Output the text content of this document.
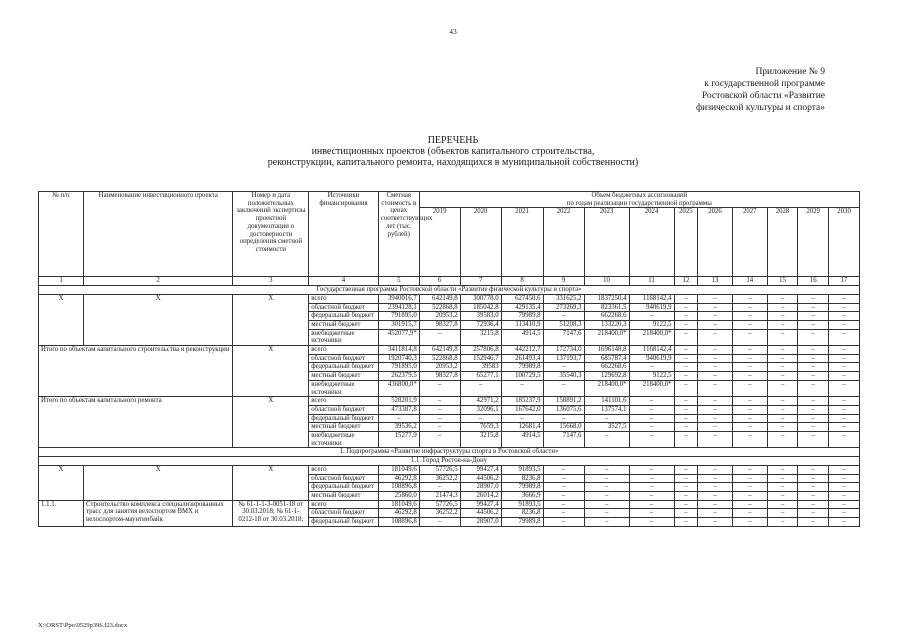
43
Приложение № 9
к государственной программе
Ростовской области «Развитие
физической культуры и спорта»
ПЕРЕЧЕНЬ
инвестиционных проектов (объектов капитального строительства,
реконструкции, капитального ремонта, находящихся в муниципальной собственности)
№ п/п	Наименование инвестиционного проекта	Номер и дата положительных заключений экспертизы проектной документации о достоверности определения сметной стоимости	Источники финансирования	Сметная стоимость в ценах соответствующих лет (тыс. рублей)	Объем бюджетных ассигнований
по годам реализации государственной программы											

					2019	2020	2021	2022	2023	2024	2025	2026	2027	2028	2029	2030
1	2	3	4	5	6	7	8	9	10	11	12	13	14	15	16	17
Государственная программа Ростовской области «Развитие физической культуры и спорта»																
X	X	X	всего	3940016,7	642149,8	300778,0	627450,6	331625,2	1837250,4	1168142,4	–	–	–	–	–	–
			областной бюджет	2394128,1	522868,8	185042,8	429135,4	273269,3	823361,5	940619,9	–	–	–	–	–	–
			федеральный бюджет	791895,0	20953,2	39583,0	79989,8	–	662268,6	–	–	–	–	–	–	–
			местный бюджет	301915,7	98327,8	72936,4	113410,9	51208,3	133220,3	9122,5	–	–	–	–	–	–
			внебюджетные источники	452077,9*	–	3215,8	4914,5	7147,6	218400,0*	218400,0*	–	–	–	–	–	–
Итого по объектам капитального строительства и реконструкции		X	всего	3411814,8	642149,8	257806,8	442212,7	172734,0	1696148,8	1168142,4	–	–	–	–	–	–
			областной бюджет	1920740,3	522868,8	152946,7	261493,4	137193,7	685787,4	940619,9	–	–	–	–	–	–
			федеральный бюджет	791895,0	20953,2	39583	79989,8	–	662268,6	–	–	–	–	–	–	–
			местный бюджет	262379,5	98327,8	65277,1	100729,5	35540,3	129692,8	9122,5	–	–	–	–	–	–
			внебюджетные источники	436800,0*	–	–	–	–	218400,0*	218400,0*	–	–	–	–	–	–
Итого по объектам капитального ремонта		X	всего	528201,9	–	42971,2	185237,9	158891,2	141101,6	–	–	–	–	–	–	–
			областной бюджет	473387,8	–	32096,1	167642,0	136075,6	137574,1	–	–	–	–	–	–	–
			федеральный бюджет	–	–	–	–	–	–	–	–	–	–	–	–	–
			местный бюджет	39536,2	–	7659,3	12681,4	15668,0	3527,5	–	–	–	–	–	–	–
			внебюджетные источники	15277,9	–	3215,8	4914,5	7147,6	–	–	–	–	–	–	–	–
1. Подпрограмма «Развитие инфраструктуры спорта в Ростовской области»																
1.1. Город Ростов-на-Дону																
X	X	X	всего	181049,6	57726,5	99427,4	91893,5	–	–	–	–	–	–	–	–	–
			областной бюджет	46292,8	36252,2	44506,2	8236,8	–	–	–	–	–	–	–	–	–
			федеральный бюджет	108896,8	–	28907,0	79989,8	–	–	–	–	–	–	–	–	–
			местный бюджет	25860,0	21474,3	26014,2	3666,9	–	–	–	–	–	–	–	–	–
1.1.1.	Строительство комплекса специализированных трасс для занятия велоспортом ВМХ и велоспортом-маунтинбайк	№ 61-1-1-3-0051-18 от 30.03.2018; № 61-1-0212-18 от 30.03.2018;	всего	181049,6	57726,5	99427,4	91893,5	–	–	–	–	–	–	–	–	–
			областной бюджет	46292,8	36252,2	44506,2	8236,8	–	–	–	–	–	–	–	–	–
			федеральный бюджет	108896,8	–	28907,0	79989,8	–	–	–	–	–	–	–	–	–
X:\ORST\Ppo\0529p396.f23.docx
